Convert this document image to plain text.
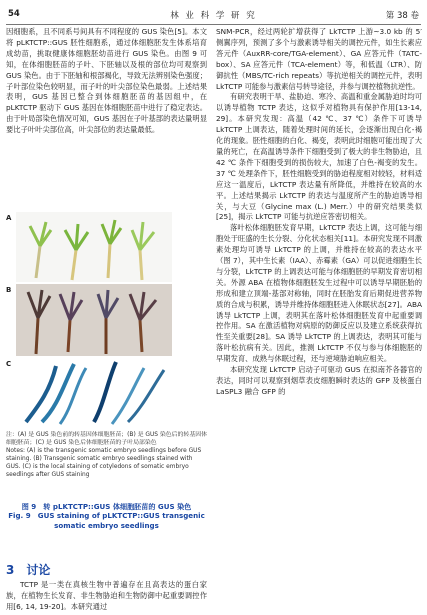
54	林 业 科 学 研 究	第 38 卷

因细胞系，且不同系号间具有不同程度的 GUS 染色[5]。本文将 pLKTCTP::GUS 胚性细胞系，通过体细胞胚发生体系培育成幼苗，挑取健康体细胞胚幼苗进行 GUS 染色。由图 9 可知，在体细胞胚苗的子叶、下胚轴以及根的部位均可观察到 GUS 染色。由于下胚轴和根部褐化，导致无法辨别染色强度；子叶部位染色较明显，而子叶的叶尖部位染色最弱。上述结果表明，GUS 基因已整合到体细胞胚苗的基因组中，在 pLKTCTP 驱动下 GUS 基因在体细胞胚苗中进行了稳定表达。由于叶局部染色情况可知，GUS 基因在子叶基部的表达量明显要比子叶叶尖部位高，叶尖部位的表达量最低。

A
B
C
注：(A) 是 GUS 染色前的转基因体细胞胚苗；(B) 是 GUS 染色后的转基因体细胞胚苗；(C) 是 GUS 染色后体细胞胚苗的子叶局部染色
Notes: (A) is the transgenic somatic embryo seedlings before GUS staining. (B) Transgenic somatic embryo seedlings stained with GUS. (C) is the local staining of cotyledons of somatic embryo seedlings after GUS staining
图 9　转 pLKTCTP::GUS 体细胞胚苗的 GUS 染色
Fig. 9　GUS staining of pLKTCTP::GUS transgenic somatic embryo seedlings
3　讨论

TCTP 是一类在真核生物中普遍存在且高表达的蛋白家族，在植物生长发育、非生物胁迫和生物防御中起重要调控作用[6, 14, 19-20]。本研究通过

SNM-PCR，经过两轮扩增获得了 LkTCTP 上游~3.0 kb 的 5′侧翼序列，预测了多个与激素诱导相关的调控元件，如生长素应答元件（AuxRR-core/TGA-element）、GA 应答元件（TATC-box）、SA 应答元件（TCA-element）等，和低温（LTR）、防御抗性（MBS/TC-rich repeats）等抗逆相关的调控元件，表明 LkTCTP 可能参与激素信号转导途径，并参与调控植物抗逆性。

有研究表明干旱、盐胁迫、寒冷、高温和重金属胁迫时均可以诱导植物 TCTP 表达，这似乎对植物具有保护作用[13-14, 29]。本研究发现：高温（42 ℃、37 ℃）条件下可诱导 LkTCTP 上调表达，随着处理时间的延长，会逐渐出现白化-褐化的现象。胚性细胞的白化、褐变，表明此时细胞可能出现了大量的死亡，在高温诱导条件下细胞受到了极大的非生物胁迫，且 42 ℃ 条件下细胞受到的损伤较大，加速了白色-褐变的发生。37 ℃ 处理条件下，胚性细胞受到的胁迫程度相对较轻，材料适应这一温度后，LkTCTP 表达量有所降低，并维持在较高的水平。上述结果揭示 LkTCTP 的表达与温度所产生的胁迫诱导相关，与大豆（Glycine max (L.) Merr.）中的研究结果类似[25]，揭示 LkTCTP 可能与抗逆应答密切相关。

落叶松体细胞胚发育早期，LkTCTP 表达上调，这可能与细胞处于旺盛的生长分裂、分化状态相关[11]。本研究发现不同激素处理均可诱导 LkTCTP 的上调，并维持在较高的表达水平（图 7），其中生长素（IAA）、赤霉素（GA）可以促进细胞生长与分裂，LkTCTP 的上调表达可能与体细胞胚的早期发育密切相关。外源 ABA 在植物体细胞胚发生过程中可以诱导早期胚胎的形成和建立顶端-基部对称轴，同时在胚胎发育后期促进营养物质的合成与积累，诱导并维持体细胞胚进入休眠状态[27]。ABA 诱导 LkTCTP 上调，表明其在落叶松体细胞胚发育中起重要调控作用。SA 在激活植物对病原的防御反应以及建立系统获得抗性至关重要[28]。SA 诱导 LkTCTP 的上调表达，表明其可能与落叶松抗病有关。因此，推测 LkTCTP 不仅与参与体细胞胚的早期发育、成熟与休眠过程，还与逆境胁迫响应相关。

本研究发现 LkTCTP 启动子可驱动 GUS 在拟南芥各器官的表达，同时可以观察到烟草表皮细胞瞬时表达的 GFP 及核蛋白 LaSPL3 融合 GFP 的
